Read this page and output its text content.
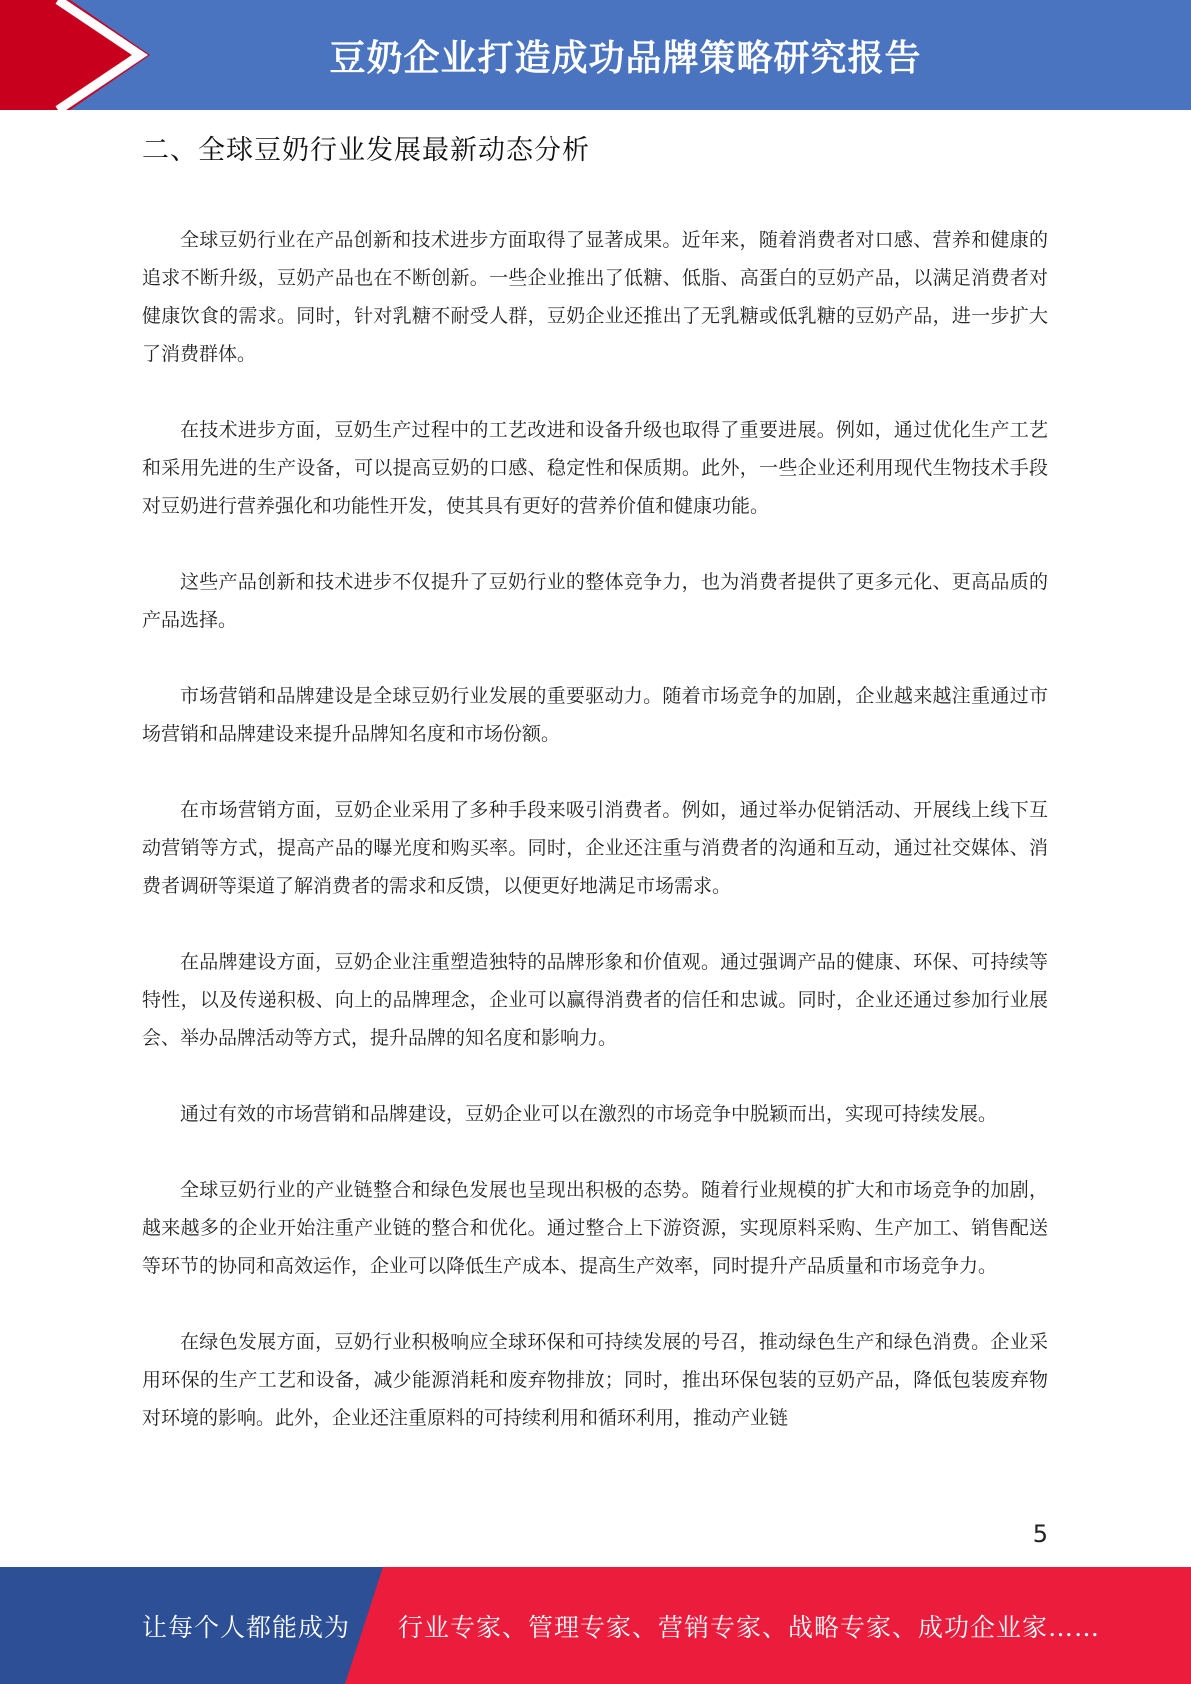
豆奶企业打造成功品牌策略研究报告
二、全球豆奶行业发展最新动态分析

全球豆奶行业在产品创新和技术进步方面取得了显著成果。近年来，随着消费者对口感、营养和健康的追求不断升级，豆奶产品也在不断创新。一些企业推出了低糖、低脂、高蛋白的豆奶产品，以满足消费者对健康饮食的需求。同时，针对乳糖不耐受人群，豆奶企业还推出了无乳糖或低乳糖的豆奶产品，进一步扩大了消费群体。

在技术进步方面，豆奶生产过程中的工艺改进和设备升级也取得了重要进展。例如，通过优化生产工艺和采用先进的生产设备，可以提高豆奶的口感、稳定性和保质期。此外，一些企业还利用现代生物技术手段对豆奶进行营养强化和功能性开发，使其具有更好的营养价值和健康功能。

这些产品创新和技术进步不仅提升了豆奶行业的整体竞争力，也为消费者提供了更多元化、更高品质的产品选择。

市场营销和品牌建设是全球豆奶行业发展的重要驱动力。随着市场竞争的加剧，企业越来越注重通过市场营销和品牌建设来提升品牌知名度和市场份额。

在市场营销方面，豆奶企业采用了多种手段来吸引消费者。例如，通过举办促销活动、开展线上线下互动营销等方式，提高产品的曝光度和购买率。同时，企业还注重与消费者的沟通和互动，通过社交媒体、消费者调研等渠道了解消费者的需求和反馈，以便更好地满足市场需求。

在品牌建设方面，豆奶企业注重塑造独特的品牌形象和价值观。通过强调产品的健康、环保、可持续等特性，以及传递积极、向上的品牌理念，企业可以赢得消费者的信任和忠诚。同时，企业还通过参加行业展会、举办品牌活动等方式，提升品牌的知名度和影响力。

通过有效的市场营销和品牌建设，豆奶企业可以在激烈的市场竞争中脱颖而出，实现可持续发展。

全球豆奶行业的产业链整合和绿色发展也呈现出积极的态势。随着行业规模的扩大和市场竞争的加剧，越来越多的企业开始注重产业链的整合和优化。通过整合上下游资源，实现原料采购、生产加工、销售配送等环节的协同和高效运作，企业可以降低生产成本、提高生产效率，同时提升产品质量和市场竞争力。

在绿色发展方面，豆奶行业积极响应全球环保和可持续发展的号召，推动绿色生产和绿色消费。企业采用环保的生产工艺和设备，减少能源消耗和废弃物排放；同时，推出环保包装的豆奶产品，降低包装废弃物对环境的影响。此外，企业还注重原料的可持续利用和循环利用，推动产业链

5
让每个人都能成为 行业专家、管理专家、营销专家、战略专家、成功企业家……
